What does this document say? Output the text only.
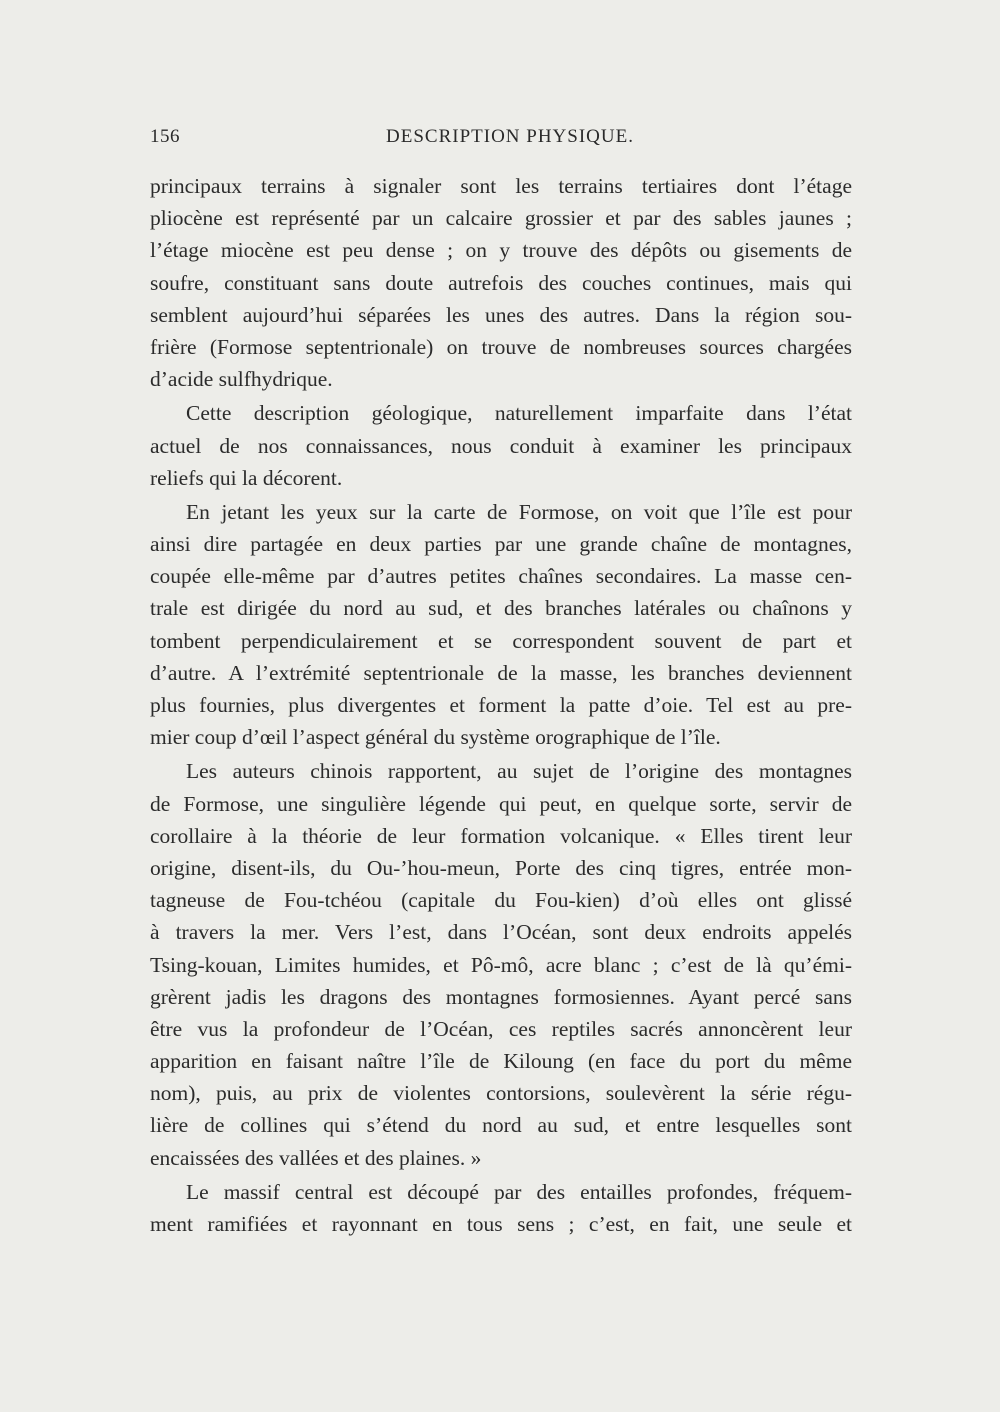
156	DESCRIPTION PHYSIQUE.
principaux terrains à signaler sont les terrains tertiaires dont l’étage
pliocène est représenté par un calcaire grossier et par des sables jaunes ;
l’étage miocène est peu dense ; on y trouve des dépôts ou gisements de
soufre, constituant sans doute autrefois des couches continues, mais qui
semblent aujourd’hui séparées les unes des autres. Dans la région sou-
frière (Formose septentrionale) on trouve de nombreuses sources chargées
d’acide sulfhydrique.
Cette description géologique, naturellement imparfaite dans l’état
actuel de nos connaissances, nous conduit à examiner les principaux
reliefs qui la décorent.
En jetant les yeux sur la carte de Formose, on voit que l’île est pour
ainsi dire partagée en deux parties par une grande chaîne de montagnes,
coupée elle-même par d’autres petites chaînes secondaires. La masse cen-
trale est dirigée du nord au sud, et des branches latérales ou chaînons y
tombent perpendiculairement et se correspondent souvent de part et
d’autre. A l’extrémité septentrionale de la masse, les branches deviennent
plus fournies, plus divergentes et forment la patte d’oie. Tel est au pre-
mier coup d’œil l’aspect général du système orographique de l’île.
Les auteurs chinois rapportent, au sujet de l’origine des montagnes
de Formose, une singulière légende qui peut, en quelque sorte, servir de
corollaire à la théorie de leur formation volcanique. « Elles tirent leur
origine, disent-ils, du Ou-’hou-meun, Porte des cinq tigres, entrée mon-
tagneuse de Fou-tchéou (capitale du Fou-kien) d’où elles ont glissé
à travers la mer. Vers l’est, dans l’Océan, sont deux endroits appelés
Tsing-kouan, Limites humides, et Pô-mô, acre blanc ; c’est de là qu’émi-
grèrent jadis les dragons des montagnes formosiennes. Ayant percé sans
être vus la profondeur de l’Océan, ces reptiles sacrés annoncèrent leur
apparition en faisant naître l’île de Kiloung (en face du port du même
nom), puis, au prix de violentes contorsions, soulevèrent la série régu-
lière de collines qui s’étend du nord au sud, et entre lesquelles sont
encaissées des vallées et des plaines. »
Le massif central est découpé par des entailles profondes, fréquem-
ment ramifiées et rayonnant en tous sens ; c’est, en fait, une seule et
